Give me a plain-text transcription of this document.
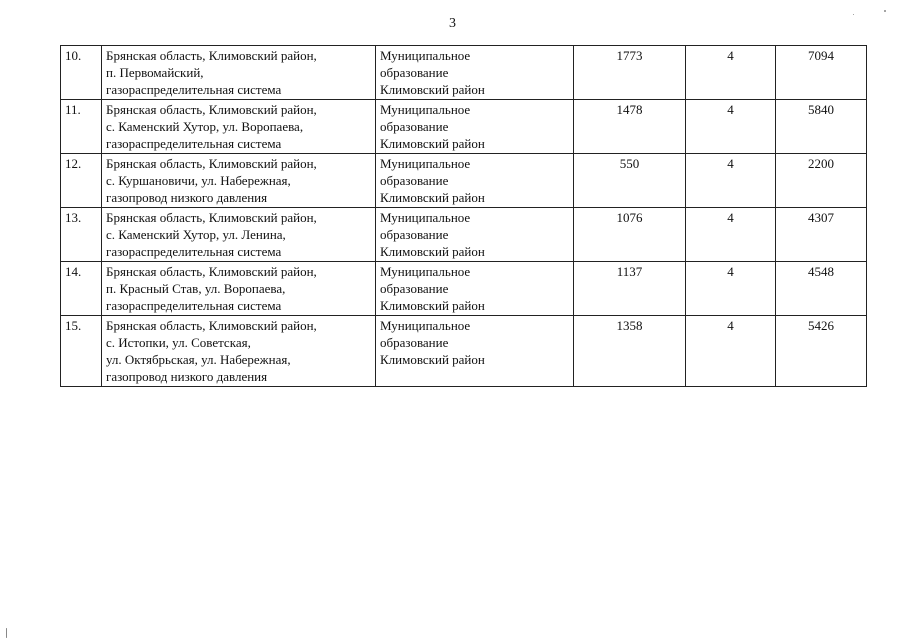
3
10.	Брянская область, Климовский район,
п. Первомайский,
газораспределительная система	Муниципальное
образование
Климовский район	1773	4	7094
11.	Брянская область, Климовский район,
с. Каменский Хутор, ул. Воропаева,
газораспределительная система	Муниципальное
образование
Климовский район	1478	4	5840
12.	Брянская область, Климовский район,
с. Куршановичи, ул. Набережная,
газопровод низкого давления	Муниципальное
образование
Климовский район	550	4	2200
13.	Брянская область, Климовский район,
с. Каменский Хутор, ул. Ленина,
газораспределительная система	Муниципальное
образование
Климовский район	1076	4	4307
14.	Брянская область, Климовский район,
п. Красный Став, ул. Воропаева,
газораспределительная система	Муниципальное
образование
Климовский район	1137	4	4548
15.	Брянская область, Климовский район,
с. Истопки, ул. Советская,
ул. Октябрьская, ул. Набережная,
газопровод низкого давления	Муниципальное
образование
Климовский район	1358	4	5426
